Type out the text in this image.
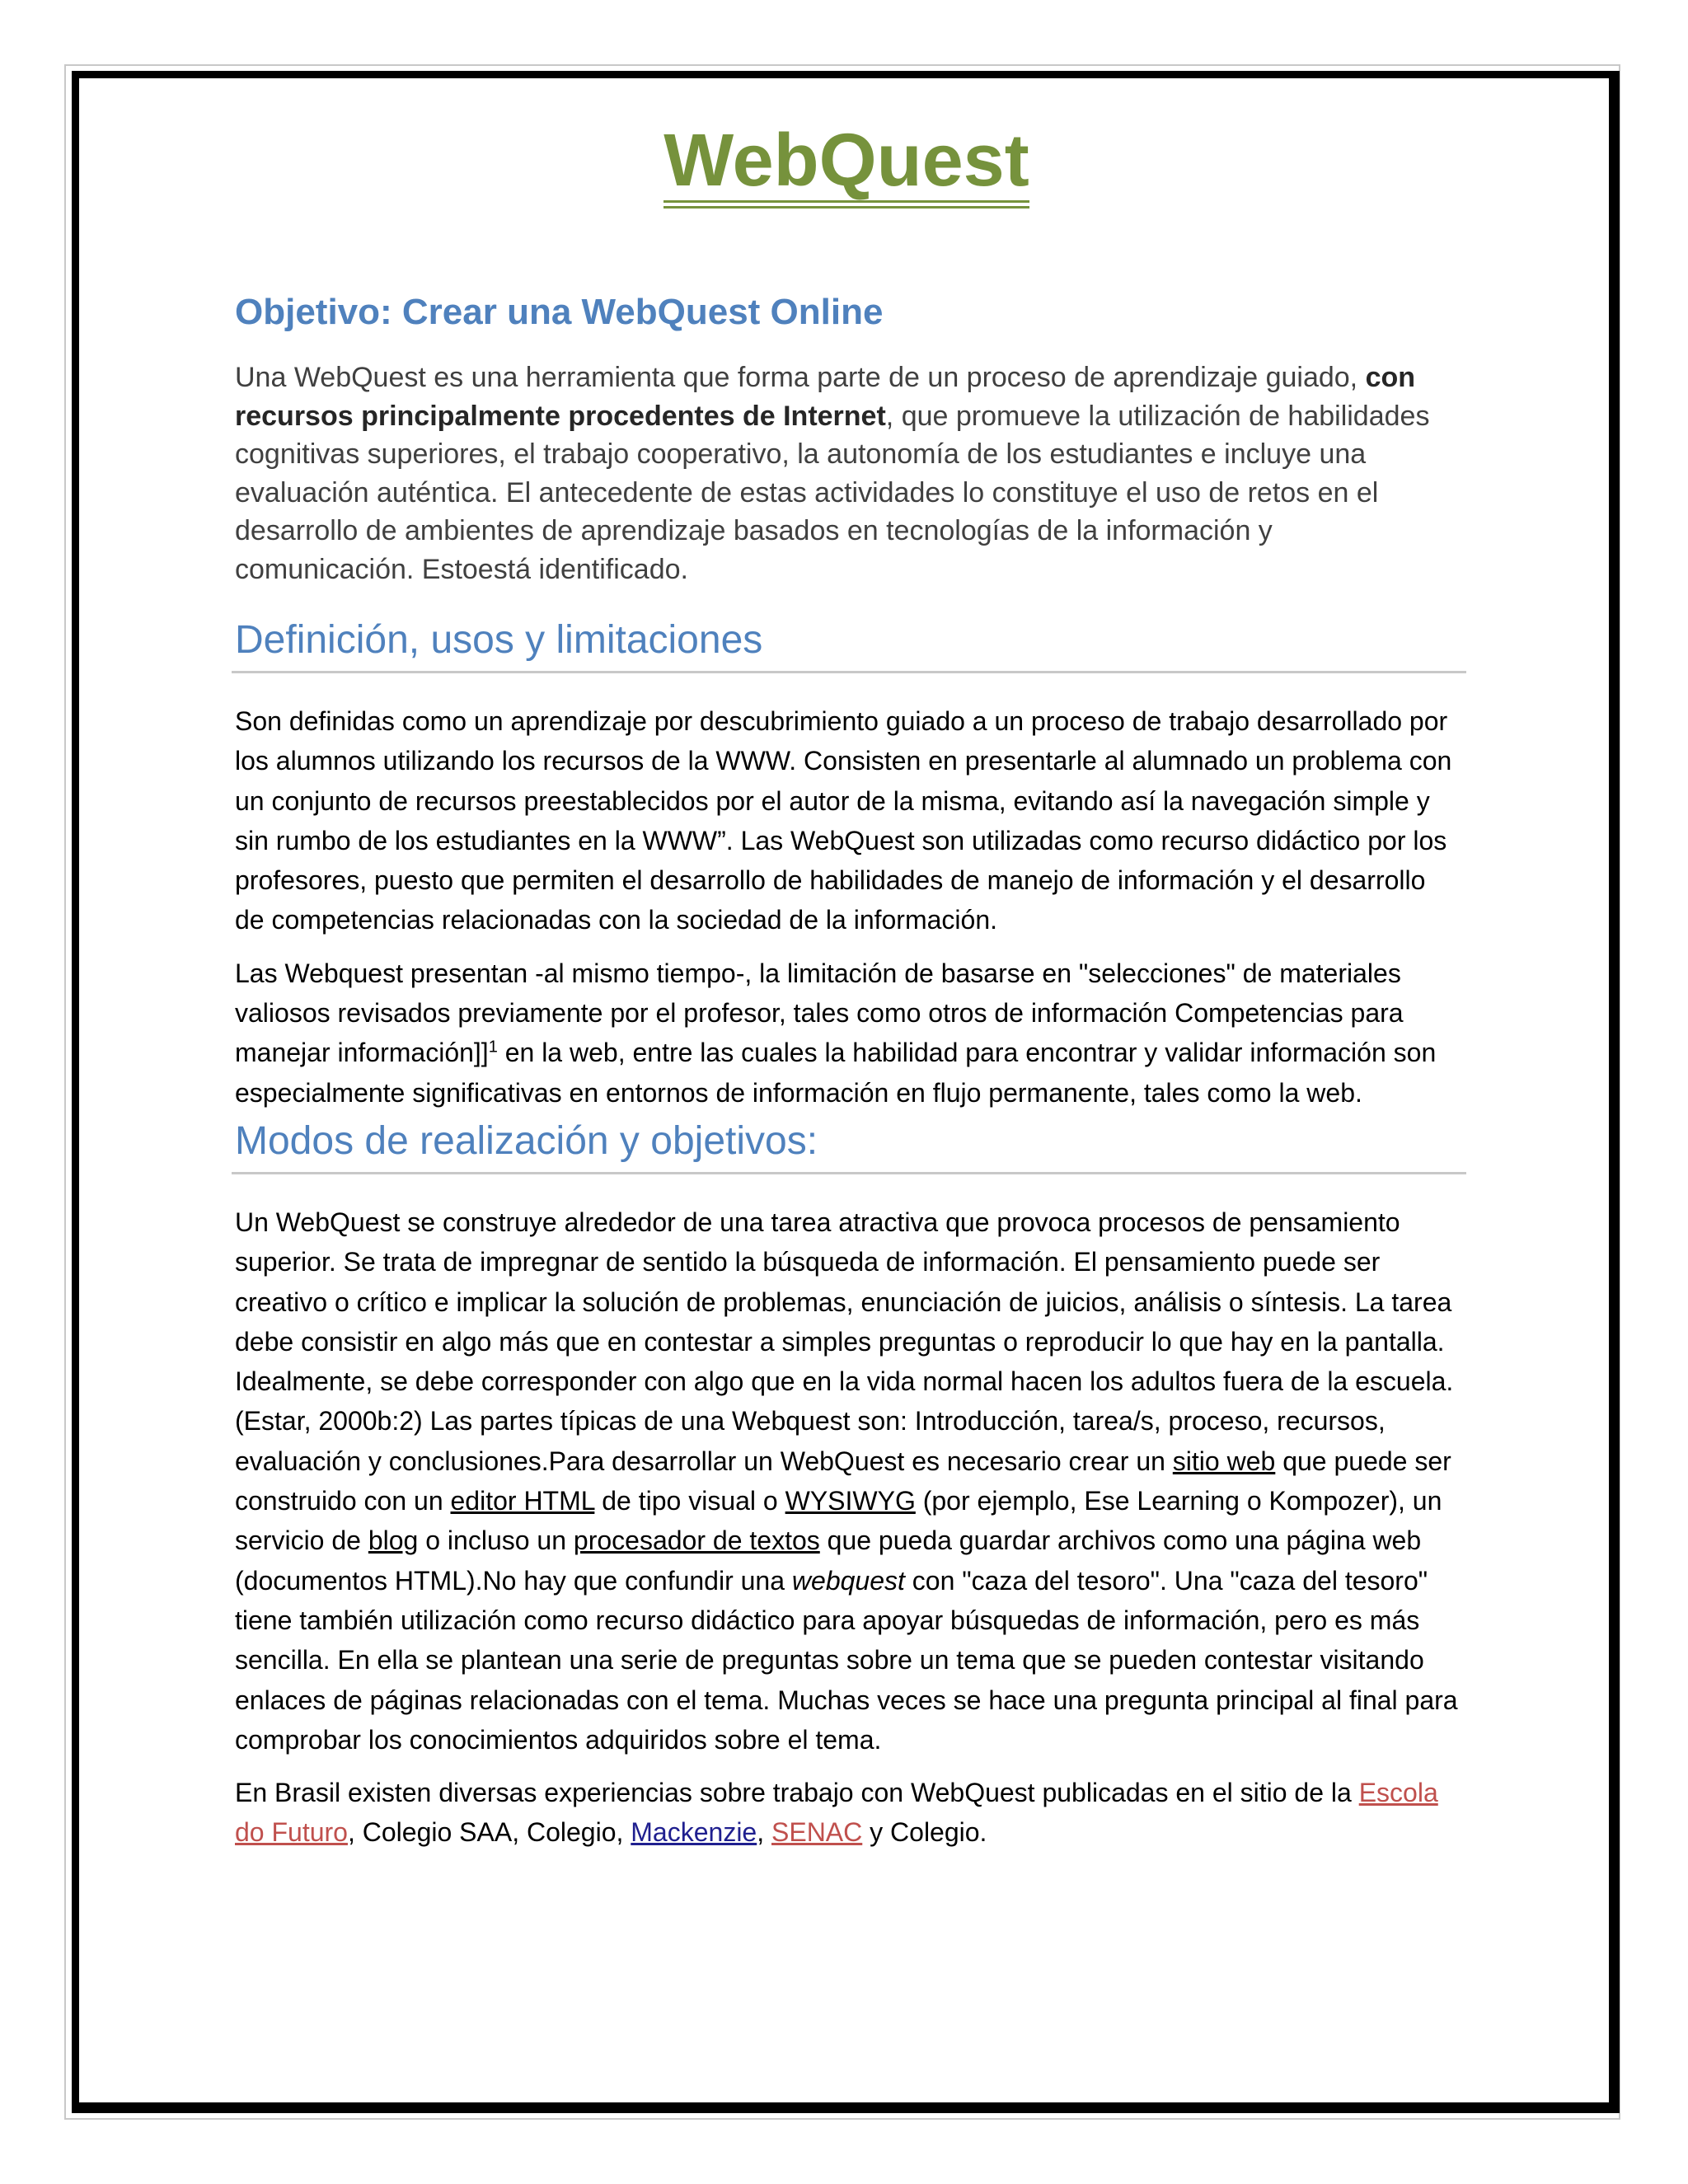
WebQuest
Objetivo: Crear una WebQuest Online

Una WebQuest es una herramienta que forma parte de un proceso de aprendizaje guiado, con recursos principalmente procedentes de Internet, que promueve la utilización de habilidades cognitivas superiores, el trabajo cooperativo, la autonomía de los estudiantes e incluye una evaluación auténtica. El antecedente de estas actividades lo constituye el uso de retos en el desarrollo de ambientes de aprendizaje basados en tecnologías de la información y comunicación. Estoestá identificado.

Definición, usos y limitaciones

Son definidas como un aprendizaje por descubrimiento guiado a un proceso de trabajo desarrollado por los alumnos utilizando los recursos de la WWW. Consisten en presentarle al alumnado un problema con un conjunto de recursos preestablecidos por el autor de la misma, evitando así la navegación simple y sin rumbo de los estudiantes en la WWW”. Las WebQuest son utilizadas como recurso didáctico por los profesores, puesto que permiten el desarrollo de habilidades de manejo de información y el desarrollo de competencias relacionadas con la sociedad de la información.

Las Webquest presentan -al mismo tiempo-, la limitación de basarse en "selecciones" de materiales valiosos revisados previamente por el profesor, tales como otros de información Competencias para manejar información]]$^1$ en la web, entre las cuales la habilidad para encontrar y validar información son especialmente significativas en entornos de información en flujo permanente, tales como la web.

Modos de realización y objetivos:

Un WebQuest se construye alrededor de una tarea atractiva que provoca procesos de pensamiento superior. Se trata de impregnar de sentido la búsqueda de información. El pensamiento puede ser creativo o crítico e implicar la solución de problemas, enunciación de juicios, análisis o síntesis. La tarea debe consistir en algo más que en contestar a simples preguntas o reproducir lo que hay en la pantalla. Idealmente, se debe corresponder con algo que en la vida normal hacen los adultos fuera de la escuela. (Estar, 2000b:2) Las partes típicas de una Webquest son: Introducción, tarea/s, proceso, recursos, evaluación y conclusiones.Para desarrollar un WebQuest es necesario crear un sitio web que puede ser construido con un editor HTML de tipo visual o WYSIWYG (por ejemplo, Ese Learning o Kompozer), un servicio de blog o incluso un procesador de textos que pueda guardar archivos como una página web (documentos HTML).No hay que confundir una webquest con "caza del tesoro". Una "caza del tesoro" tiene también utilización como recurso didáctico para apoyar búsquedas de información, pero es más sencilla. En ella se plantean una serie de preguntas sobre un tema que se pueden contestar visitando enlaces de páginas relacionadas con el tema. Muchas veces se hace una pregunta principal al final para comprobar los conocimientos adquiridos sobre el tema.

En Brasil existen diversas experiencias sobre trabajo con WebQuest publicadas en el sitio de la Escola do Futuro, Colegio SAA, Colegio, Mackenzie, SENAC y Colegio.
